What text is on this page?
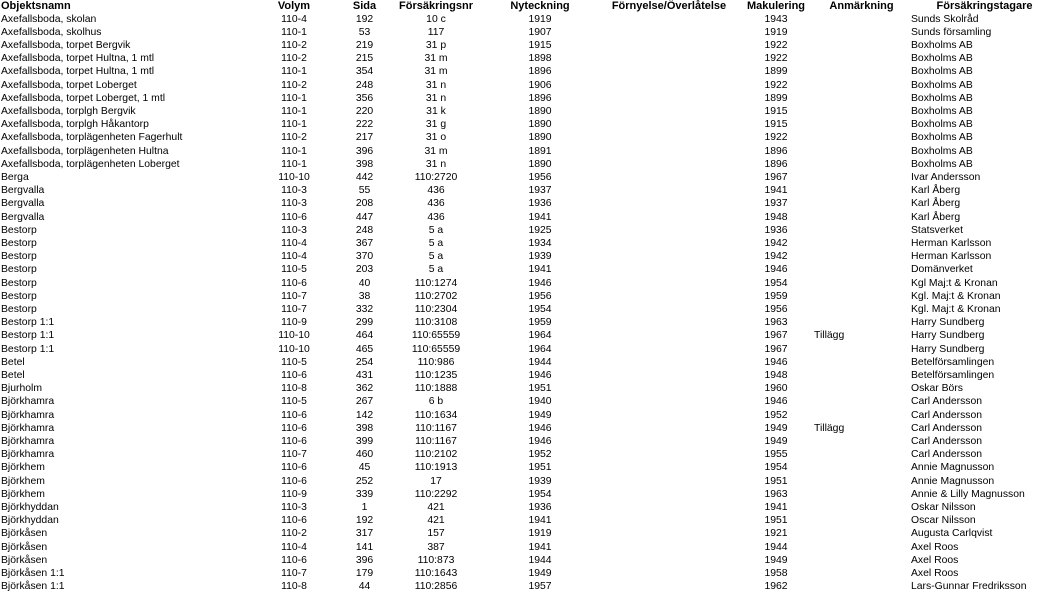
Objektsnamn	Volym	Sida	Försäkringsnr	Nyteckning	Förnyelse/Överlåtelse	Makulering	Anmärkning	Försäkringstagare
Axefallsboda, skolan	110-4	192	10 c	1919		1943		Sunds Skolråd
Axefallsboda, skolhus	110-1	53	117	1907		1919		Sunds församling
Axefallsboda, torpet Bergvik	110-2	219	31 p	1915		1922		Boxholms AB
Axefallsboda, torpet Hultna, 1 mtl	110-2	215	31 m	1898		1922		Boxholms AB
Axefallsboda, torpet Hultna, 1 mtl	110-1	354	31 m	1896		1899		Boxholms AB
Axefallsboda, torpet Loberget	110-2	248	31 n	1906		1922		Boxholms AB
Axefallsboda, torpet Loberget, 1 mtl	110-1	356	31 n	1896		1899		Boxholms AB
Axefallsboda, torplgh Bergvik	110-1	220	31 k	1890		1915		Boxholms AB
Axefallsboda, torplgh Håkantorp	110-1	222	31 g	1890		1915		Boxholms AB
Axefallsboda, torplägenheten Fagerhult	110-2	217	31 o	1890		1922		Boxholms AB
Axefallsboda, torplägenheten Hultna	110-1	396	31 m	1891		1896		Boxholms AB
Axefallsboda, torplägenheten Loberget	110-1	398	31 n	1890		1896		Boxholms AB
Berga	110-10	442	110:2720	1956		1967		Ivar Andersson
Bergvalla	110-3	55	436	1937		1941		Karl Åberg
Bergvalla	110-3	208	436	1936		1937		Karl Åberg
Bergvalla	110-6	447	436	1941		1948		Karl Åberg
Bestorp	110-3	248	5 a	1925		1936		Statsverket
Bestorp	110-4	367	5 a	1934		1942		Herman Karlsson
Bestorp	110-4	370	5 a	1939		1942		Herman Karlsson
Bestorp	110-5	203	5 a	1941		1946		Domänverket
Bestorp	110-6	40	110:1274	1946		1954		Kgl Maj:t & Kronan
Bestorp	110-7	38	110:2702	1956		1959		Kgl. Maj:t & Kronan
Bestorp	110-7	332	110:2304	1954		1956		Kgl. Maj:t & Kronan
Bestorp 1:1	110-9	299	110:3108	1959		1963		Harry Sundberg
Bestorp 1:1	110-10	464	110:65559	1964		1967	Tillägg	Harry Sundberg
Bestorp 1:1	110-10	465	110:65559	1964		1967		Harry Sundberg
Betel	110-5	254	110:986	1944		1946		Betelförsamlingen
Betel	110-6	431	110:1235	1946		1948		Betelförsamlingen
Bjurholm	110-8	362	110:1888	1951		1960		Oskar Börs
Björkhamra	110-5	267	6 b	1940		1946		Carl Andersson
Björkhamra	110-6	142	110:1634	1949		1952		Carl Andersson
Björkhamra	110-6	398	110:1167	1946		1949	Tillägg	Carl Andersson
Björkhamra	110-6	399	110:1167	1946		1949		Carl Andersson
Björkhamra	110-7	460	110:2102	1952		1955		Carl Andersson
Björkhem	110-6	45	110:1913	1951		1954		Annie Magnusson
Björkhem	110-6	252	17	1939		1951		Annie Magnusson
Björkhem	110-9	339	110:2292	1954		1963		Annie & Lilly Magnusson
Björkhyddan	110-3	1	421	1936		1941		Oskar Nilsson
Björkhyddan	110-6	192	421	1941		1951		Oscar Nilsson
Björkåsen	110-2	317	157	1919		1921		Augusta Carlqvist
Björkåsen	110-4	141	387	1941		1944		Axel Roos
Björkåsen	110-6	396	110:873	1944		1949		Axel Roos
Björkåsen 1:1	110-7	179	110:1643	1949		1958		Axel Roos
Björkåsen 1:1	110-8	44	110:2856	1957		1962		Lars-Gunnar Fredriksson
